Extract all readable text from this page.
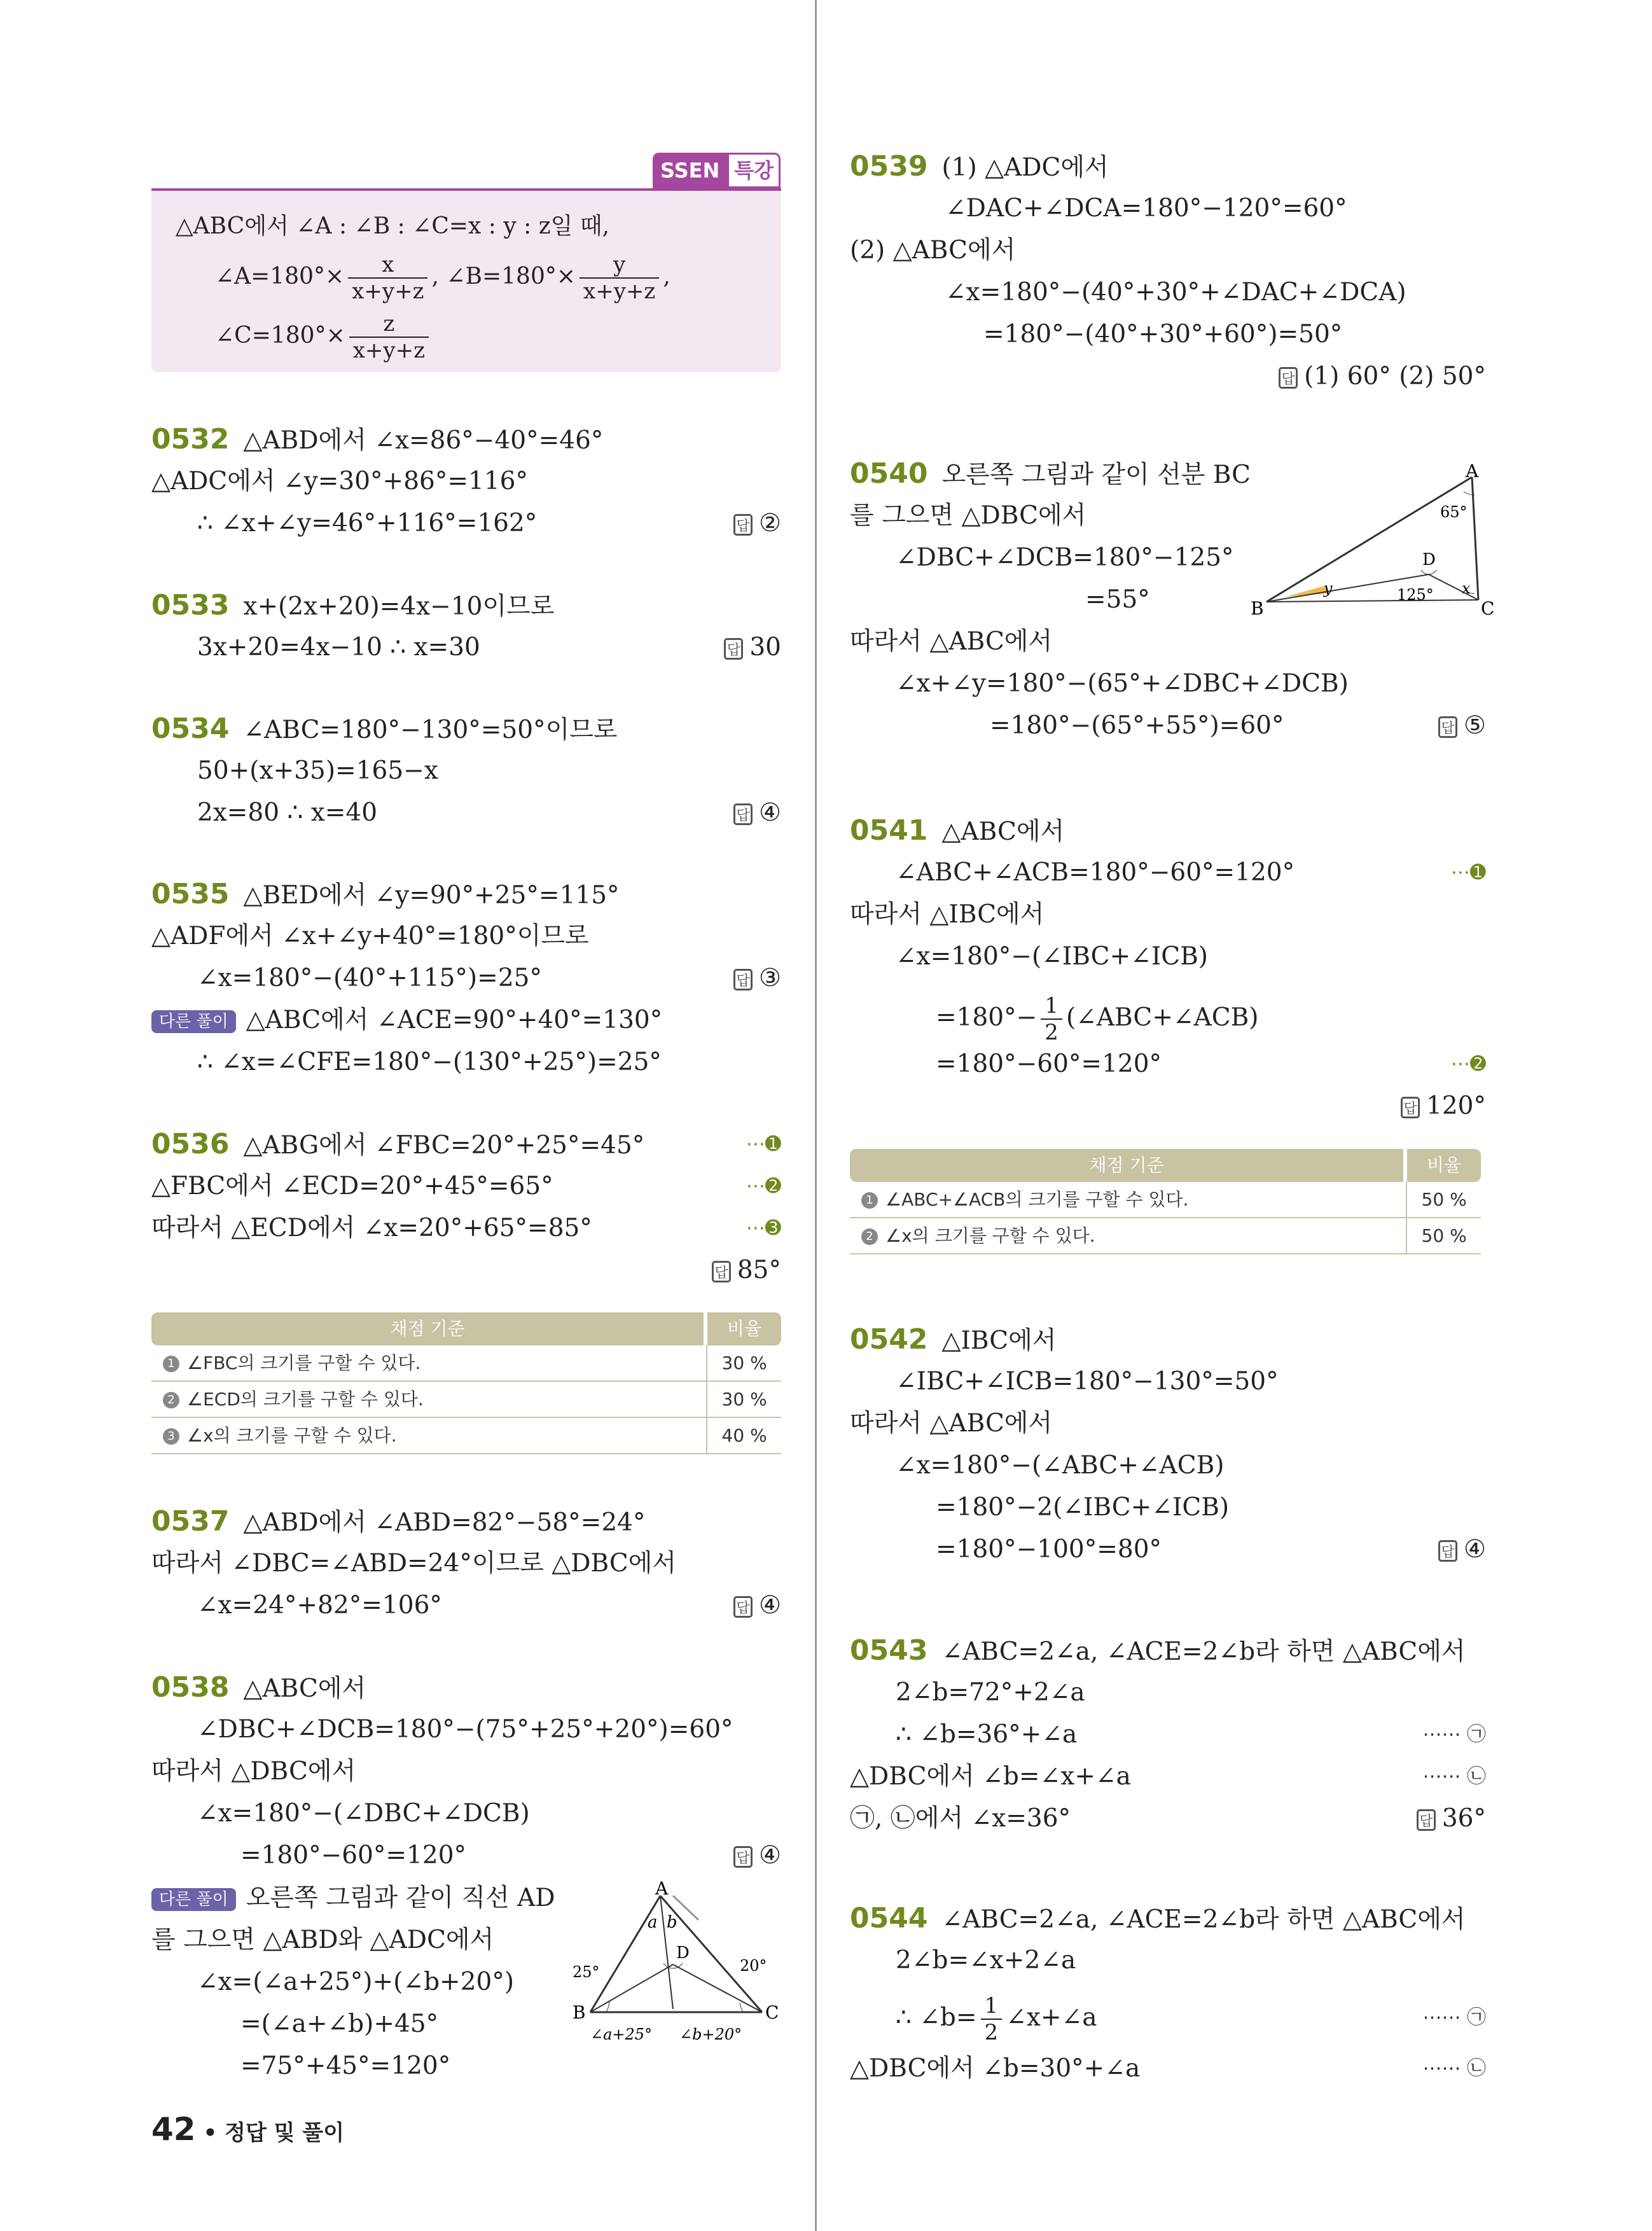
SSEN 특강
△ABC에서 ∠A : ∠B : ∠C=x : y : z일 때,
∠A=180°× $\frac{x}{x+y+z}$ , ∠B=180°× $\frac{y}{x+y+z}$ ,
∠C=180°× $\frac{z}{x+y+z}$
0532 △ABD에서 ∠x=86°−40°=46°
△ADC에서 ∠y=30°+86°=116°
∴ ∠x+∠y=46°+116°=162°	답 ②
0533 x+(2x+20)=4x−10이므로
3x+20=4x−10 ∴ x=30	답 30
0534 ∠ABC=180°−130°=50°이므로
50+(x+35)=165−x
2x=80 ∴ x=40	답 ④
0535 △BED에서 ∠y=90°+25°=115°
△ADF에서 ∠x+∠y+40°=180°이므로
∠x=180°−(40°+115°)=25°	답 ③
다른 풀이 △ABC에서 ∠ACE=90°+40°=130°
∴ ∠x=∠CFE=180°−(130°+25°)=25°
0536 △ABG에서 ∠FBC=20°+25°=45°	⋯➊
△FBC에서 ∠ECD=20°+45°=65°	⋯➋
따라서 △ECD에서 ∠x=20°+65°=85°	⋯➌
답 85°
채점 기준	비율
1 ∠FBC의 크기를 구할 수 있다.	30 %
2 ∠ECD의 크기를 구할 수 있다.	30 %
3 ∠x의 크기를 구할 수 있다.	40 %
0537 △ABD에서 ∠ABD=82°−58°=24°
따라서 ∠DBC=∠ABD=24°이므로 △DBC에서
∠x=24°+82°=106°	답 ④
0538 △ABC에서
∠DBC+∠DCB=180°−(75°+25°+20°)=60°
따라서 △DBC에서
∠x=180°−(∠DBC+∠DCB)
=180°−60°=120°	답 ④
다른 풀이 오른쪽 그림과 같이 직선 AD
를 그으면 △ABD와 △ADC에서
∠x=(∠a+25°)+(∠b+20°)
=(∠a+∠b)+45°
=75°+45°=120°
A
B	C
D
a b
25°	20°
∠a+25° ∠b+20°
0539 (1) △ADC에서
∠DAC+∠DCA=180°−120°=60°
(2) △ABC에서
∠x=180°−(40°+30°+∠DAC+∠DCA)
=180°−(40°+30°+60°)=50°
답 (1) 60° (2) 50°
0540 오른쪽 그림과 같이 선분 BC
를 그으면 △DBC에서
∠DBC+∠DCB=180°−125°
=55°
따라서 △ABC에서
∠x+∠y=180°−(65°+∠DBC+∠DCB)
=180°−(65°+55°)=60°	답 ⑤
A
B	C
D
65°
125° x
y
0541 △ABC에서
∠ABC+∠ACB=180°−60°=120°	⋯➊
따라서 △IBC에서
∠x=180°−(∠IBC+∠ICB)
$=180^\circ- \frac{1}{2}$ (∠ABC+∠ACB)
=180°−60°=120°	⋯➋
답 120°
채점 기준	비율
1 ∠ABC+∠ACB의 크기를 구할 수 있다.	50 %
2 ∠x의 크기를 구할 수 있다.	50 %
0542 △IBC에서
∠IBC+∠ICB=180°−130°=50°
따라서 △ABC에서
∠x=180°−(∠ABC+∠ACB)
=180°−2(∠IBC+∠ICB)
=180°−100°=80°	답 ④
0543 ∠ABC=2∠a, ∠ACE=2∠b라 하면 △ABC에서
2∠b=72°+2∠a
∴ ∠b=36°+∠a	⋯⋯ ㉠
△DBC에서 ∠b=∠x+∠a	⋯⋯ ㉡
㉠, ㉡에서 ∠x=36°	답 36°
0544 ∠ABC=2∠a, ∠ACE=2∠b라 하면 △ABC에서
2∠b=∠x+2∠a
∴ ∠b= $\frac{1}{2}$ ∠x+∠a	⋯⋯ ㉠
△DBC에서 ∠b=30°+∠a	⋯⋯ ㉡
42 • 정답 및 풀이
